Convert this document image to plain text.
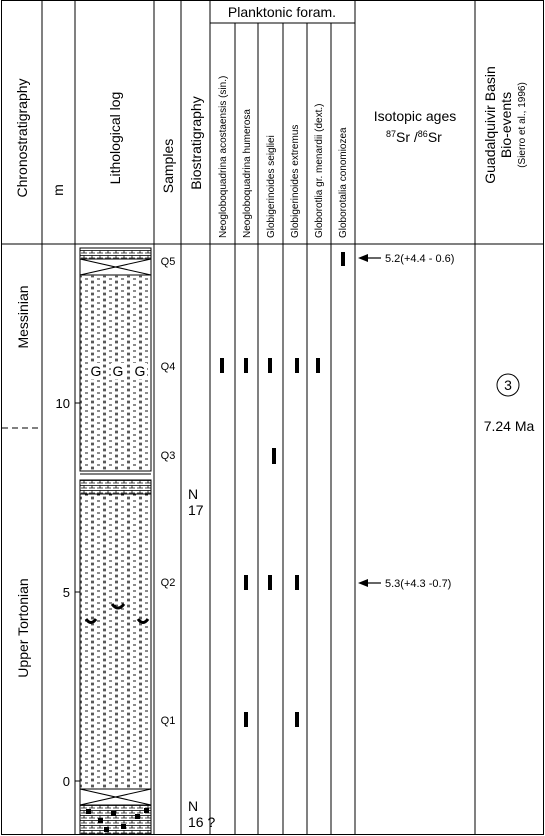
Planktonic foram.
Chronostratigraphy m
Lithological log	Samples Biostratigraphy Neogloboquadrina acostaensis (sin.) Neogloboquadrina humerosa Globigerinoides seigliei Globigerinoides extremus Globorotlia gr. menardii (dext.) Globorotalia conomiozea
Isotopic ages
$^{87}$Sr /$^{86}$Sr	Guadalquivir Basin Bio-events (Sierro et al., 1996)
Messinian
Upper Tortonian
10
5
0
G G G
Q5
Q4
Q3
Q2
Q1
N
17
N
16 ?
5.2(+4.4 - 0.6)
5.3(+4.3 -0.7)
3
7.24 Ma
